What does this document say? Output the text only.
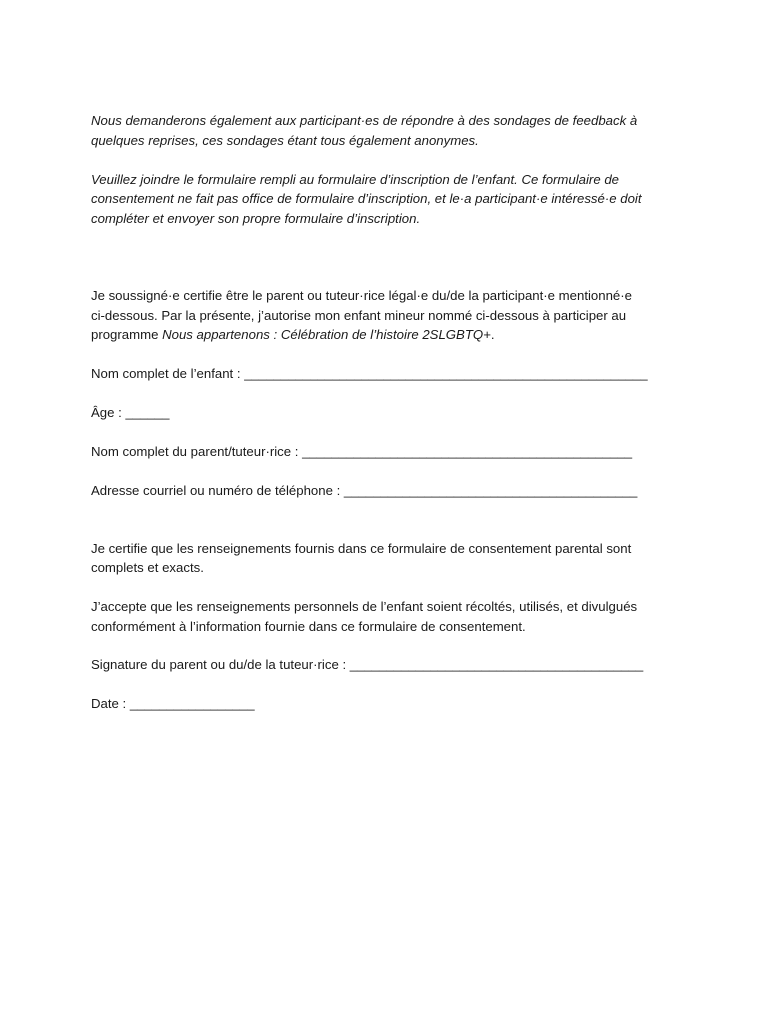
Nous demanderons également aux participant·es de répondre à des sondages de feedback à
quelques reprises, ces sondages étant tous également anonymes.
Veuillez joindre le formulaire rempli au formulaire d’inscription de l’enfant. Ce formulaire de
consentement ne fait pas office de formulaire d’inscription, et le·a participant·e intéressé·e doit
compléter et envoyer son propre formulaire d’inscription.
Je soussigné·e certifie être le parent ou tuteur·rice légal·e du/de la participant·e mentionné·e
ci-dessous. Par la présente, j’autorise mon enfant mineur nommé ci-dessous à participer au
programme Nous appartenons : Célébration de l’histoire 2SLGBTQ+.
Nom complet de l’enfant : _______________________________________________________
Âge : ______
Nom complet du parent/tuteur·rice : _____________________________________________
Adresse courriel ou numéro de téléphone : ________________________________________
Je certifie que les renseignements fournis dans ce formulaire de consentement parental sont
complets et exacts.
J’accepte que les renseignements personnels de l’enfant soient récoltés, utilisés, et divulgués
conformément à l’information fournie dans ce formulaire de consentement.
Signature du parent ou du/de la tuteur·rice : ________________________________________
Date : _________________
